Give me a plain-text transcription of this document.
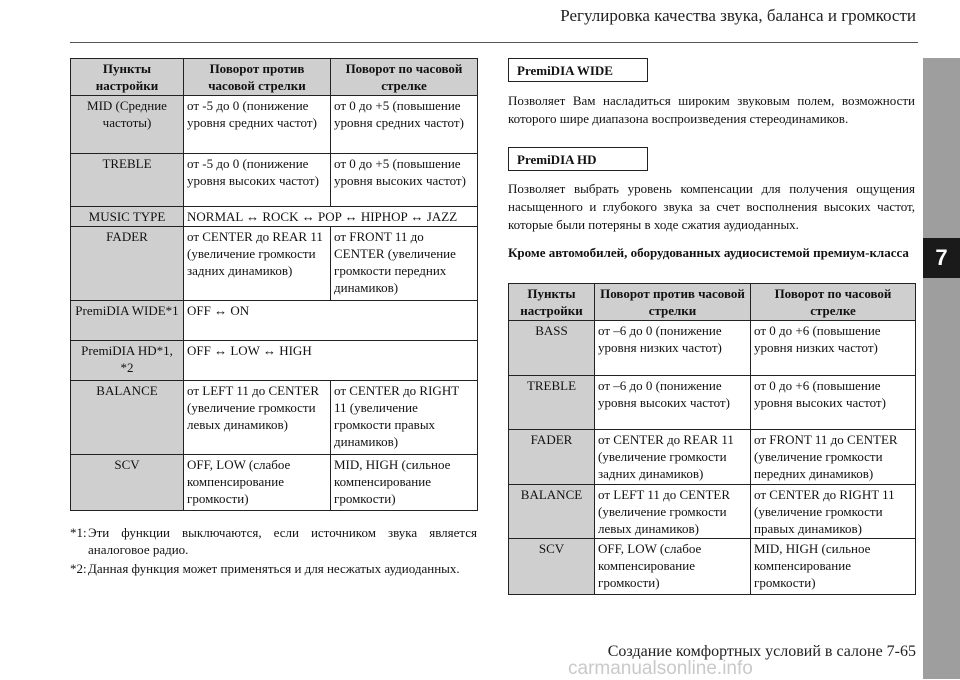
Регулировка качества звука, баланса и громкости
7
Пункты настройки	Поворот против часовой стрелки	Поворот по часовой стрелке
MID (Средние частоты)	от -5 до 0 (понижение уровня средних частот)	от 0 до +5 (повышение уровня средних частот)
TREBLE	от -5 до 0 (понижение уровня высоких частот)	от 0 до +5 (повышение уровня высоких частот)
MUSIC TYPE	NORMAL ↔ ROCK ↔ POP ↔ HIPHOP ↔ JAZZ	
FADER	от CENTER до REAR 11 (увеличение громкости задних динамиков)	от FRONT 11 до CENTER (увеличение громкости передних динамиков)
PremiDIA WIDE*1	OFF ↔ ON	
PremiDIA HD*1, *2	OFF ↔ LOW ↔ HIGH	
BALANCE	от LEFT 11 до CENTER (увеличение громкости левых динамиков)	от CENTER до RIGHT 11 (увеличение громкости правых динамиков)
SCV	OFF, LOW (слабое компенсирование громкости)	MID, HIGH (сильное компенсирование громкости)
*1: Эти функции выключаются, если источником звука является аналоговое радио.
*2: Данная функция может применяться и для несжатых аудиоданных.
PremiDIA WIDE
Позволяет Вам насладиться широким звуковым полем, возможности которого шире диапазона воспроизведения стереодинамиков.
PremiDIA HD
Позволяет выбрать уровень компенсации для получения ощущения насыщенного и глубокого звука за счет восполнения высоких частот, которые были потеряны в ходе сжатия аудиоданных.
Кроме автомобилей, оборудованных аудиосистемой премиум-класса
Пункты настройки	Поворот против часовой стрелки	Поворот по часовой стрелке
BASS	от –6 до 0 (понижение уровня низких частот)	от 0 до +6 (повышение уровня низких частот)
TREBLE	от –6 до 0 (понижение уровня высоких частот)	от 0 до +6 (повышение уровня высоких частот)
FADER	от CENTER до REAR 11 (увеличение громкости задних динамиков)	от FRONT 11 до CENTER (увеличение громкости передних динамиков)
BALANCE	от LEFT 11 до CENTER (увеличение громкости левых динамиков)	от CENTER до RIGHT 11 (увеличение громкости правых динамиков)
SCV	OFF, LOW (слабое компенсирование громкости)	MID, HIGH (сильное компенсирование громкости)
Создание комфортных условий в салоне 7-65
carmanualsonline.info
